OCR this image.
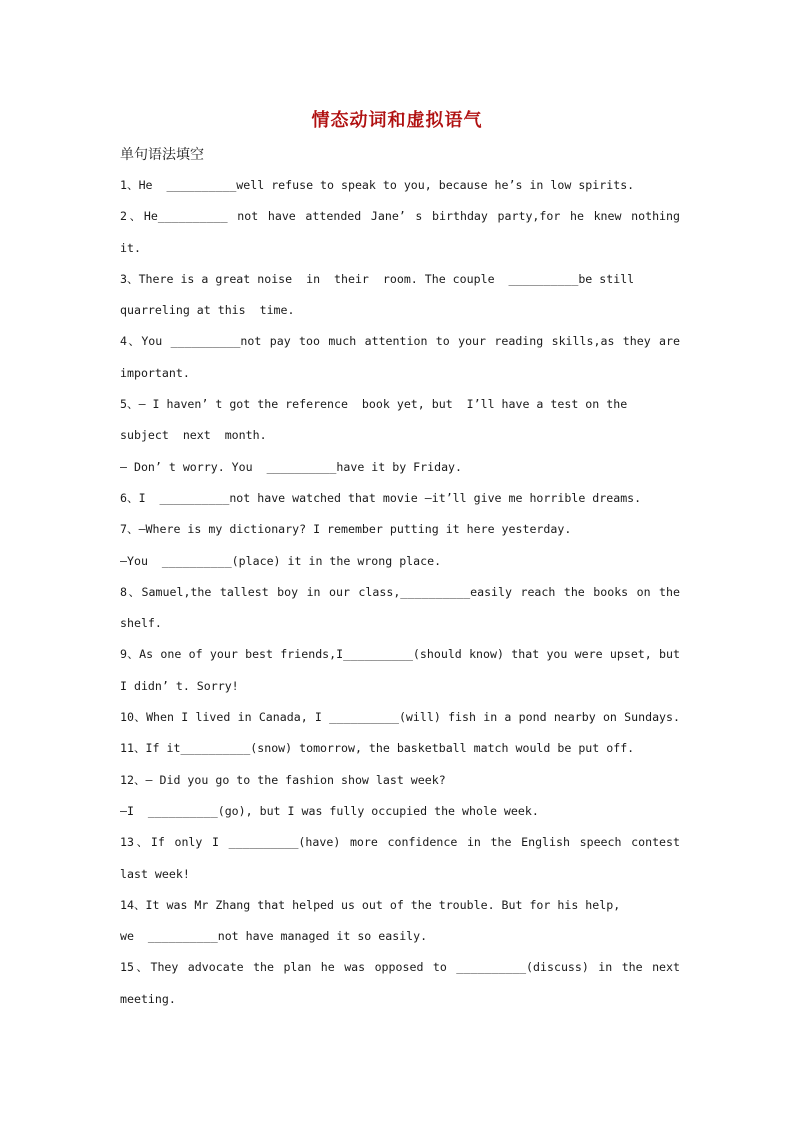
情态动词和虚拟语气
单句语法填空
1、He  __________well refuse to speak to you, because he’s in low spirits.
2、He__________ not have attended Jane’ s birthday party,for he knew nothing
it.
3、There is a great noise  in  their  room. The couple  __________be still
quarreling at this  time.
4、You __________not pay too much attention to your reading skills,as they are
important.
5、— I haven’ t got the reference  book yet, but  I’ll have a test on the
subject  next  month.
— Don’ t worry. You  __________have it by Friday.
6、I  __________not have watched that movie —it’ll give me horrible dreams.
7、—Where is my dictionary? I remember putting it here yesterday.
—You  __________(place) it in the wrong place.
8、Samuel,the tallest boy in our class,__________easily reach the books on the
shelf.
9、As one of your best friends,I__________(should know) that you were upset, but
I didn’ t. Sorry!
10、When I lived in Canada, I __________(will) fish in a pond nearby on Sundays.
11、If it__________(snow) tomorrow, the basketball match would be put off.
12、— Did you go to the fashion show last week?
—I  __________(go), but I was fully occupied the whole week.
13、If only I __________(have) more confidence in the English speech contest
last week!
14、It was Mr Zhang that helped us out of the trouble. But for his help,
we  __________not have managed it so easily.
15、They advocate the plan he was opposed to __________(discuss) in the next
meeting.
